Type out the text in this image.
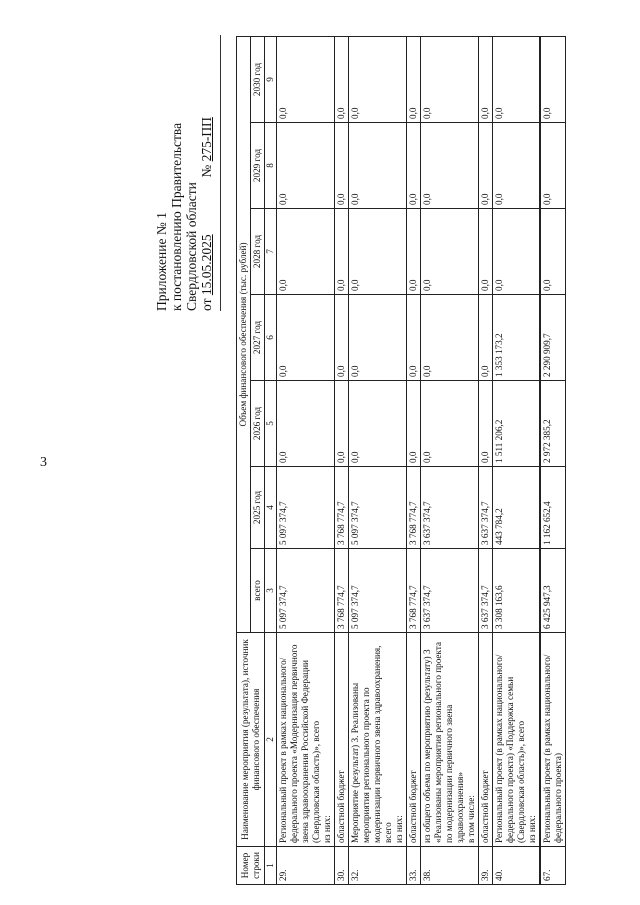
3
Приложение № 1 к постановлению Правительства Свердловской области от 15.05.2025  № 275-ПП
Номер строки	Наименование мероприятия (результата), источник финансового обеспечения	Объем финансового обеспечения (тыс. рублей)						
		всего	2025 год	2026 год	2027 год	2028 год	2029 год	2030 год
1	2	3	4	5	6	7	8	9
29.	Региональный проект в рамках национального/федерального проекта «Модернизация первичного звена здравоохранения Российской Федерации (Свердловская область)», всего из них:	5 097 374,7	5 097 374,7	0,0	0,0	0,0	0,0	0,0
30.	областной бюджет	3 768 774,7	3 768 774,7	0,0	0,0	0,0	0,0	0,0
32.	Мероприятие (результат) 3. Реализованы мероприятия регионального проекта по модернизации первичного звена здравоохранения, всего из них:	5 097 374,7	5 097 374,7	0,0	0,0	0,0	0,0	0,0
33.	областной бюджет	3 768 774,7	3 768 774,7	0,0	0,0	0,0	0,0	0,0
38.	из общего объема по мероприятию (результату) 3 «Реализованы мероприятия регионального проекта по модернизации первичного звена здравоохранения» в том числе:	3 637 374,7	3 637 374,7	0,0	0,0	0,0	0,0	0,0
39.	областной бюджет	3 637 374,7	3 637 374,7	0,0	0,0	0,0	0,0	0,0
40.	Региональный проект (в рамках национального/федерального проекта) «Поддержка семьи (Свердловская область)», всего из них:	3 308 163,6	443 784,2	1 511 206,2	1 353 173,2	0,0	0,0	0,0
67.	Региональный проект (в рамках национального/федерального проекта)	6 425 947,3	1 162 652,4	2 972 385,2	2 290 909,7	0,0	0,0	0,0
